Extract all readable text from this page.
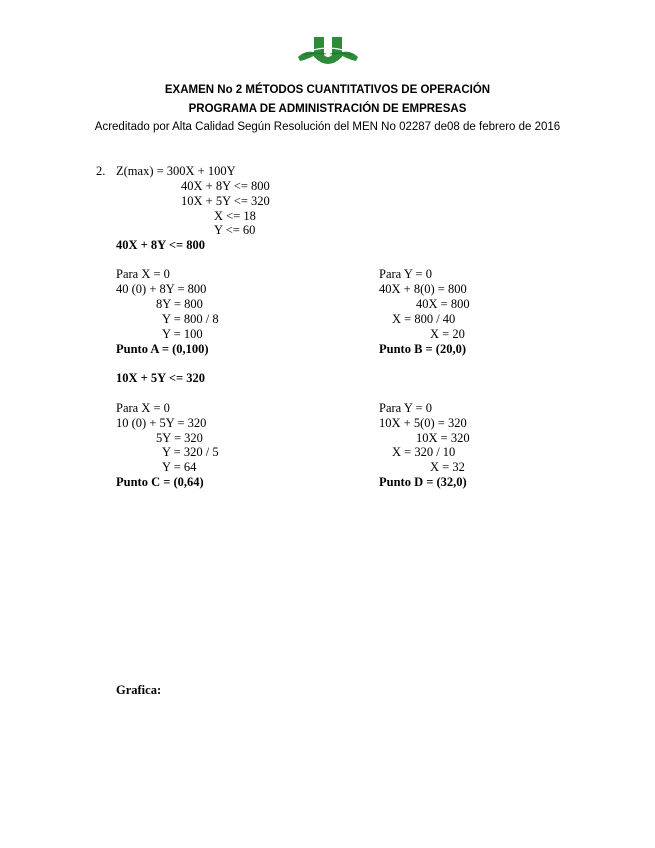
EXAMEN No 2 MÉTODOS CUANTITATIVOS DE OPERACIÓN
PROGRAMA DE ADMINISTRACIÓN DE EMPRESAS
Acreditado por Alta Calidad Según Resolución del MEN No 02287 de08 de febrero de 2016
2. Z(max) = 300X + 100Y
40X + 8Y <= 800
10X + 5Y <= 320
X <= 18
Y <= 60
40X + 8Y <= 800
Para X = 0
40 (0) + 8Y = 800
8Y = 800
Y = 800 / 8
Y = 100
Punto A = (0,100)
Para Y = 0
40X + 8(0) = 800
40X = 800
X = 800 / 40
X = 20
Punto B = (20,0)
10X + 5Y <= 320
Para X = 0
10 (0) + 5Y = 320
5Y = 320
Y = 320 / 5
Y = 64
Punto C = (0,64)
Para Y = 0
10X + 5(0) = 320
10X = 320
X = 320 / 10
X = 32
Punto D = (32,0)
Grafica:
